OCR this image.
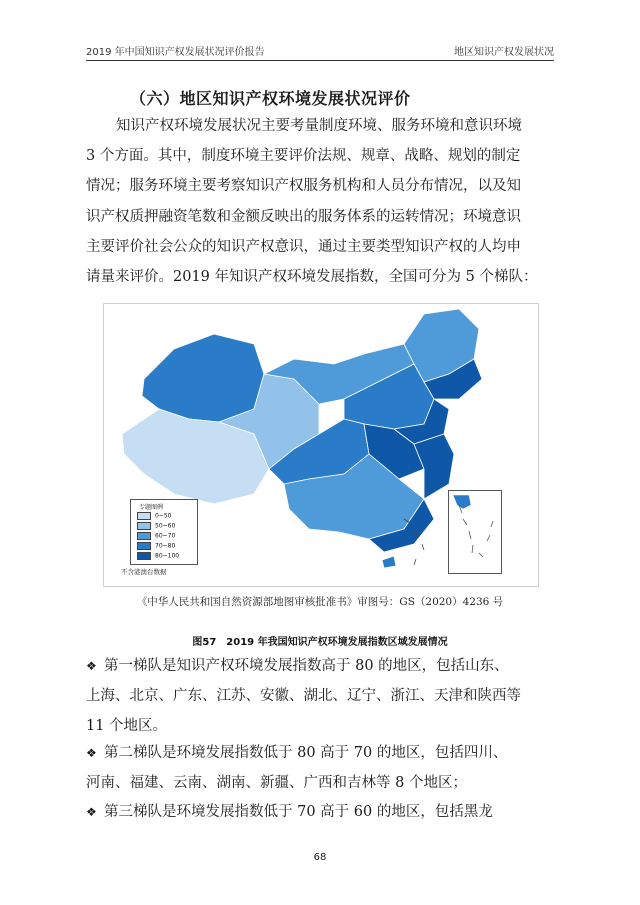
2019 年中国知识产权发展状况评价报告	地区知识产权发展状况
（六）地区知识产权环境发展状况评价
知识产权环境发展状况主要考量制度环境、服务环境和意识环境
3 个方面。其中，制度环境主要评价法规、规章、战略、规划的制定
情况；服务环境主要考察知识产权服务机构和人员分布情况，以及知
识产权质押融资笔数和金额反映出的服务体系的运转情况；环境意识
主要评价社会公众的知识产权意识，通过主要类型知识产权的人均申
请量来评价。2019 年知识产权环境发展指数，全国可分为 5 个梯队：
专题图例
0~50
50~60
60~70
70~80
80~100
不含港澳台数据
《中华人民共和国自然资源部地图审核批准书》审图号：GS（2020）4236 号
图57　2019 年我国知识产权环境发展指数区域发展情况
❖ 第一梯队是知识产权环境发展指数高于 80 的地区，包括山东、
上海、北京、广东、江苏、安徽、湖北、辽宁、浙江、天津和陕西等
11 个地区。
❖ 第二梯队是环境发展指数低于 80 高于 70 的地区，包括四川、
河南、福建、云南、湖南、新疆、广西和吉林等 8 个地区；
❖ 第三梯队是环境发展指数低于 70 高于 60 的地区，包括黑龙
68
